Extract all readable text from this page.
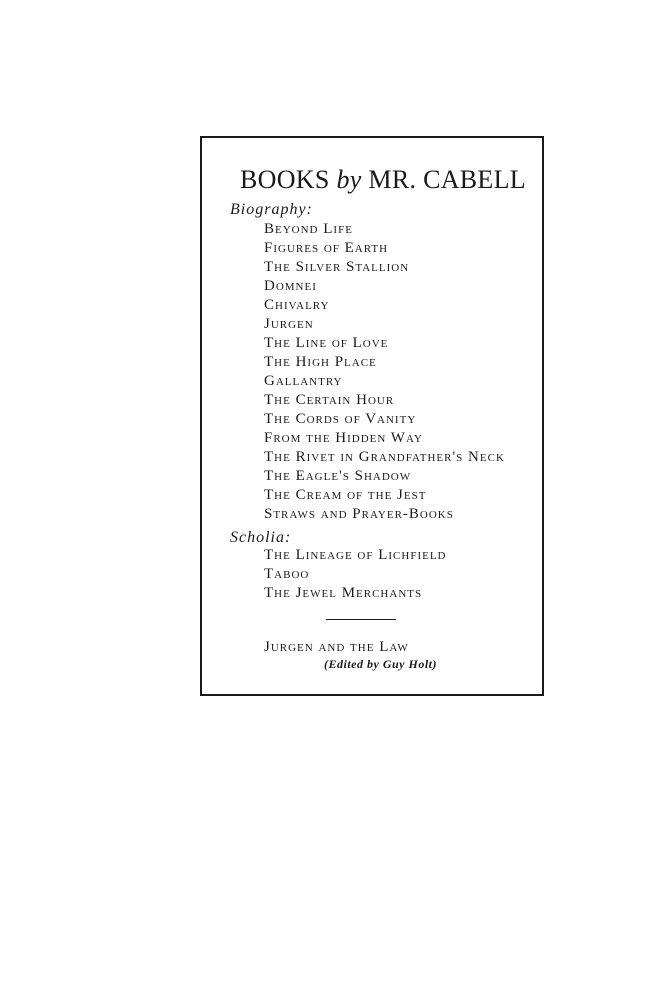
BOOKS by MR. CABELL
Biography:
Beyond Life
Figures of Earth
The Silver Stallion
Domnei
Chivalry
Jurgen
The Line of Love
The High Place
Gallantry
The Certain Hour
The Cords of Vanity
From the Hidden Way
The Rivet in Grandfather's Neck
The Eagle's Shadow
The Cream of the Jest
Straws and Prayer-Books
Scholia:
The Lineage of Lichfield
Taboo
The Jewel Merchants
Jurgen and the Law
(Edited by Guy Holt)
